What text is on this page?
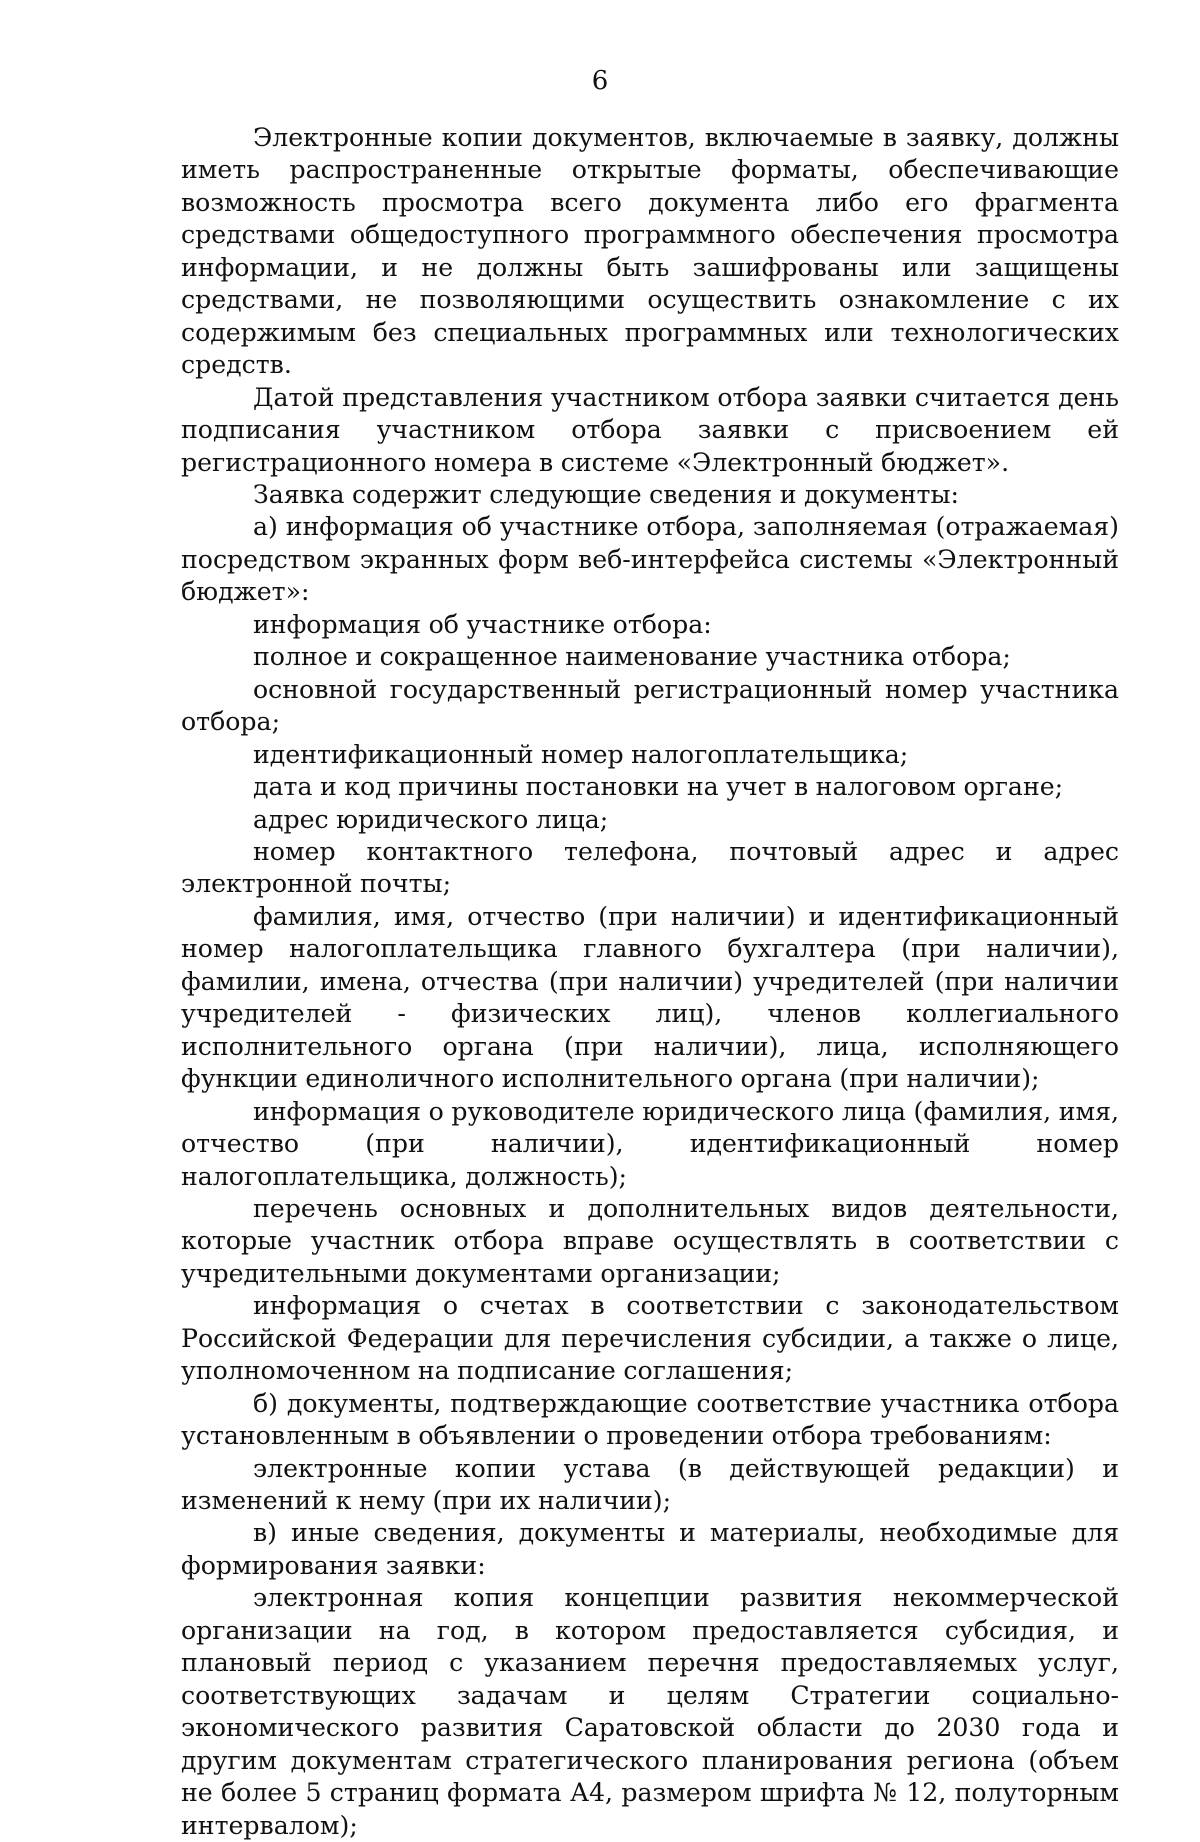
6

Электронные копии документов, включаемые в заявку, должны иметь распространенные открытые форматы, обеспечивающие возможность просмотра всего документа либо его фрагмента средствами общедоступного программного обеспечения просмотра информации, и не должны быть зашифрованы или защищены средствами, не позволяющими осуществить ознакомление с их содержимым без специальных программных или технологических средств.

Датой представления участником отбора заявки считается день подписания участником отбора заявки с присвоением ей регистрационного номера в системе «Электронный бюджет».

Заявка содержит следующие сведения и документы:

а) информация об участнике отбора, заполняемая (отражаемая) посредством экранных форм веб-интерфейса системы «Электронный бюджет»:

информация об участнике отбора:

полное и сокращенное наименование участника отбора;

основной государственный регистрационный номер участника отбора;

идентификационный номер налогоплательщика;

дата и код причины постановки на учет в налоговом органе;

адрес юридического лица;

номер контактного телефона, почтовый адрес и адрес электронной почты;

фамилия, имя, отчество (при наличии) и идентификационный номер налогоплательщика главного бухгалтера (при наличии), фамилии, имена, отчества (при наличии) учредителей (при наличии учредителей - физических лиц), членов коллегиального исполнительного органа (при наличии), лица, исполняющего функции единоличного исполнительного органа (при наличии);

информация о руководителе юридического лица (фамилия, имя, отчество (при наличии), идентификационный номер налогоплательщика, должность);

перечень основных и дополнительных видов деятельности, которые участник отбора вправе осуществлять в соответствии с учредительными документами организации;

информация о счетах в соответствии с законодательством Российской Федерации для перечисления субсидии, а также о лице, уполномоченном на подписание соглашения;

б) документы, подтверждающие соответствие участника отбора установленным в объявлении о проведении отбора требованиям:

электронные копии устава (в действующей редакции) и изменений к нему (при их наличии);

в) иные сведения, документы и материалы, необходимые для формирования заявки:

электронная копия концепции развития некоммерческой организации на год, в котором предоставляется субсидия, и плановый период с указанием перечня предоставляемых услуг, соответствующих задачам и целям Стратегии социально-экономического развития Саратовской области до 2030 года и другим документам стратегического планирования региона (объем не более 5 страниц формата А4, размером шрифта № 12, полуторным интервалом);
